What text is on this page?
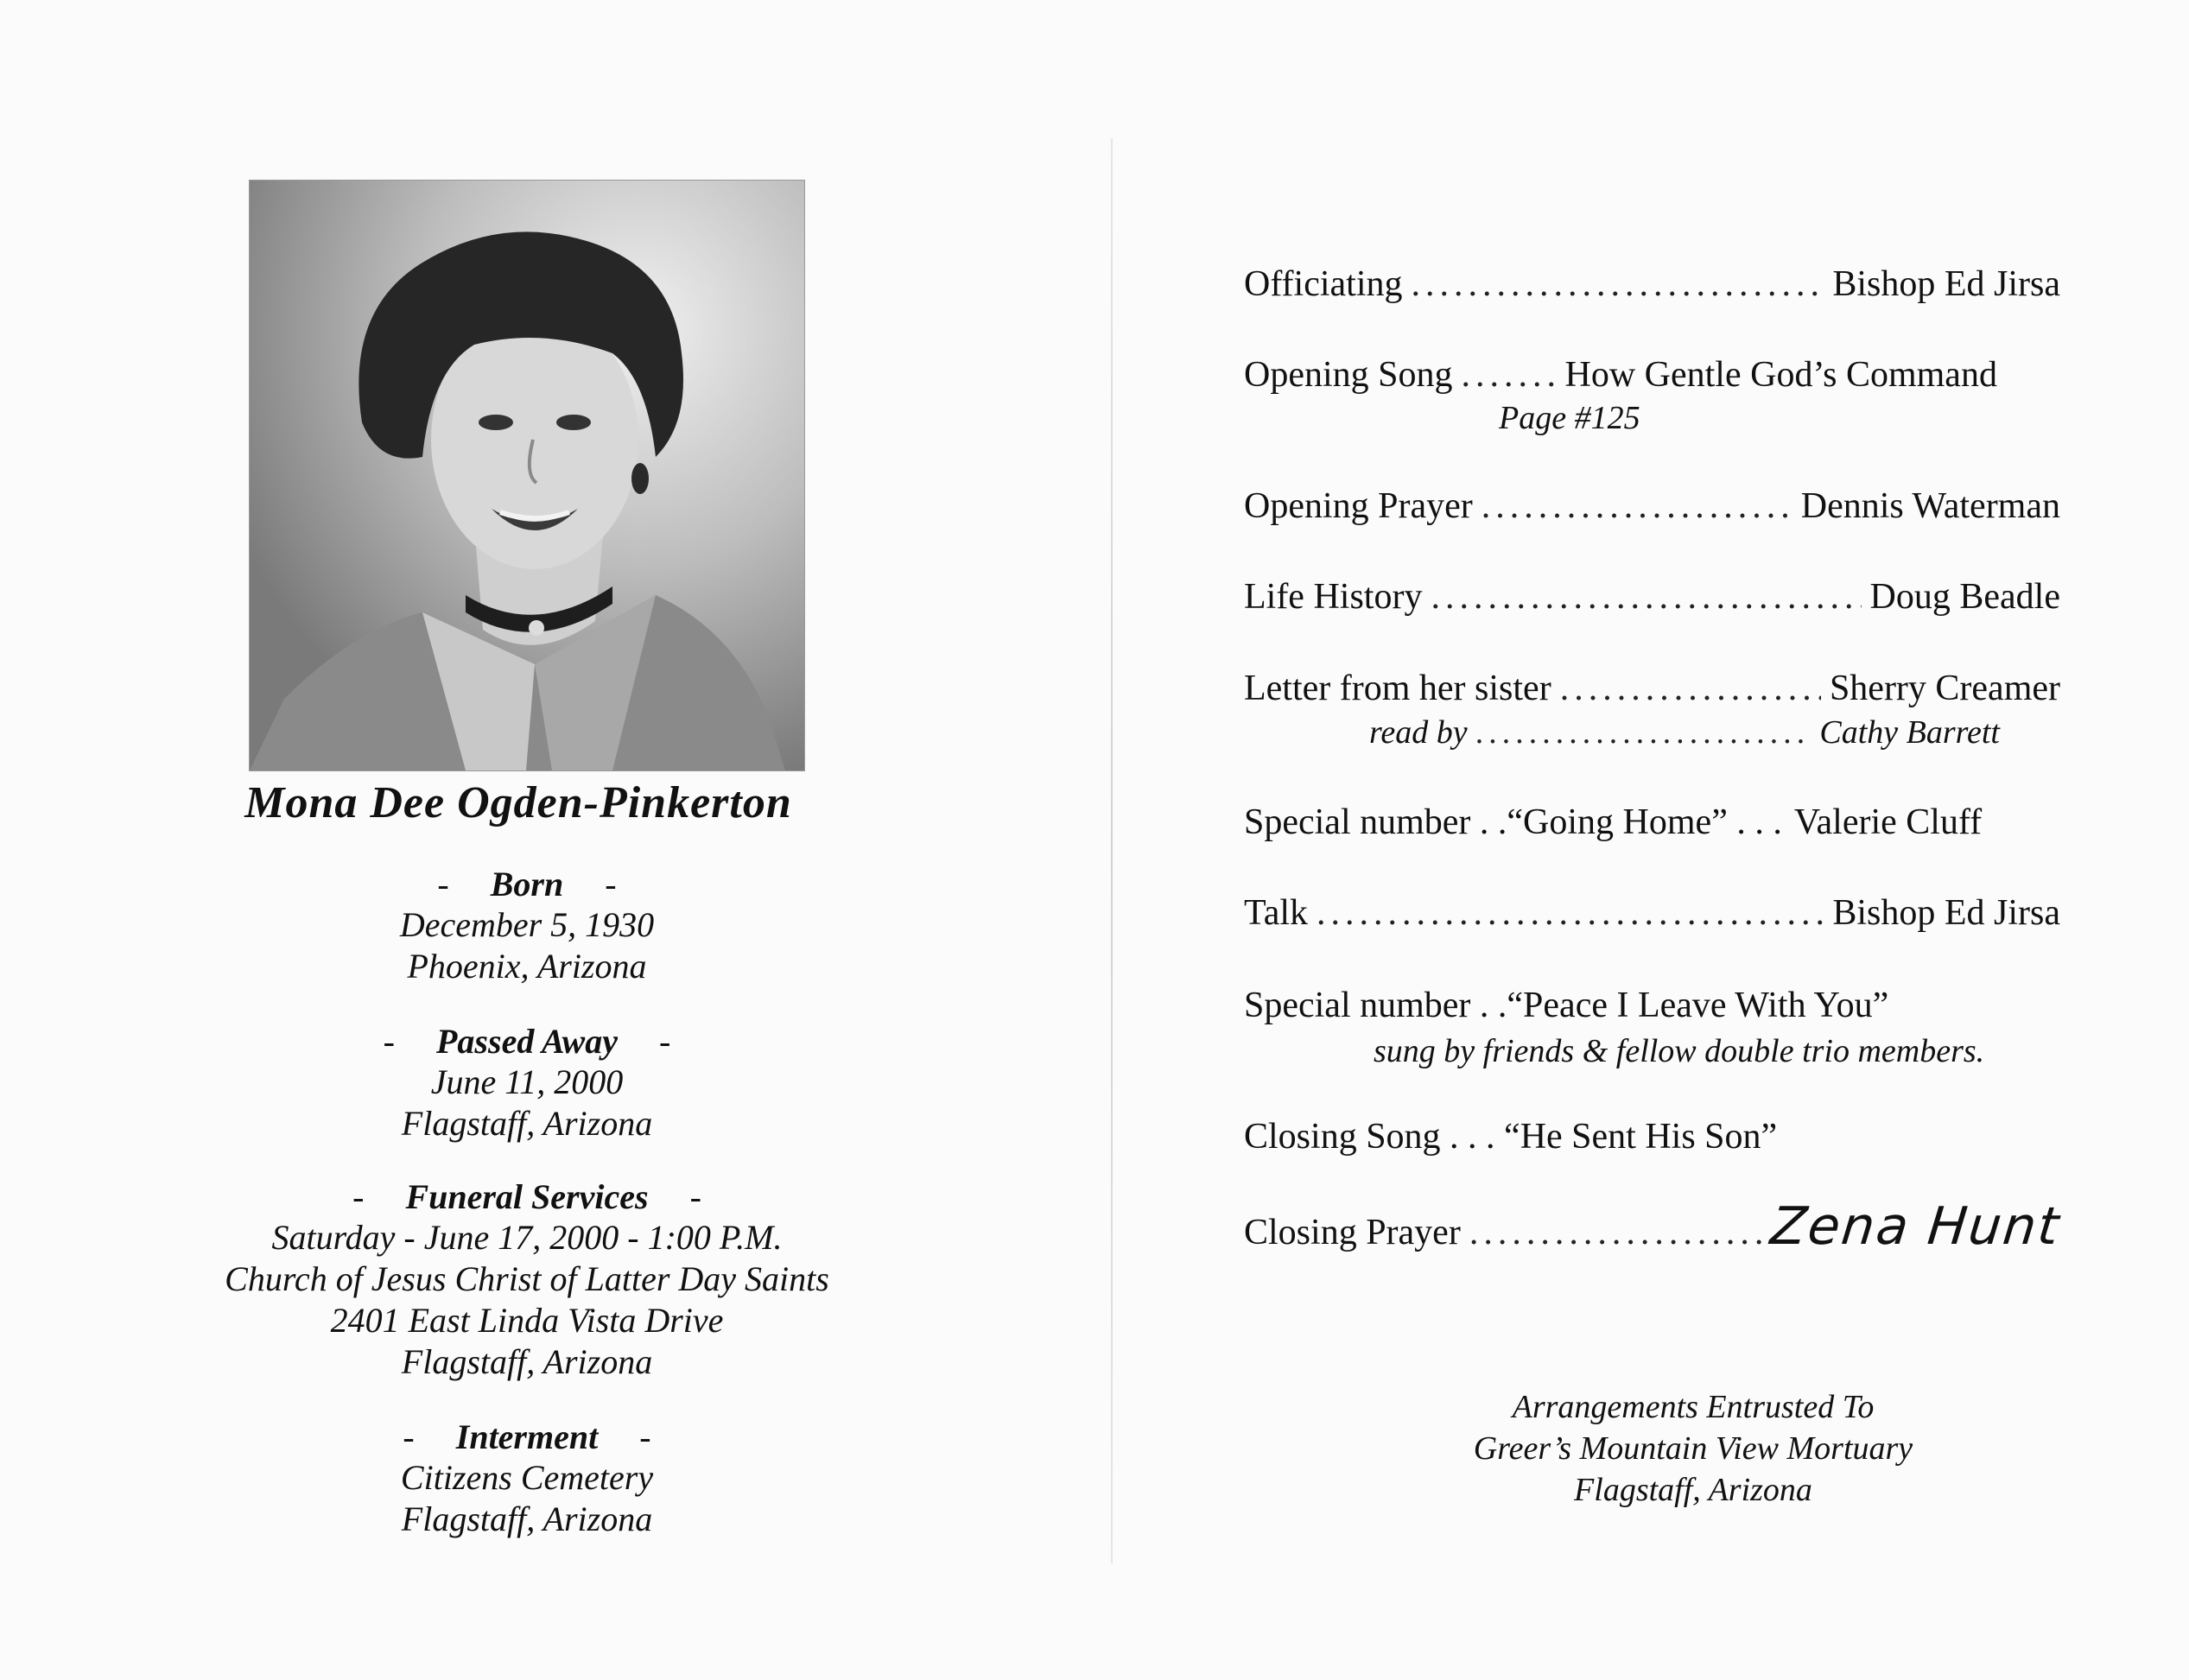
Mona Dee Ogden-Pinkerton
- Born -
December 5, 1930
Phoenix, Arizona
- Passed Away -
June 11, 2000
Flagstaff, Arizona
- Funeral Services -
Saturday - June 17, 2000 - 1:00 P.M.
Church of Jesus Christ of Latter Day Saints
2401 East Linda Vista Drive
Flagstaff, Arizona
- Interment -
Citizens Cemetery
Flagstaff, Arizona
Officiating .....	Bishop Ed Jirsa
Opening Song .....	How Gentle God’s Command
Page #125
Opening Prayer .....	Dennis Waterman
Life History .....	Doug Beadle
Letter from her sister .....	Sherry Creamer
read by .....	Cathy Barrett
Special number . .“Going Home” . . . Valerie Cluff
Talk .....	Bishop Ed Jirsa
Special number . .“Peace I Leave With You”
sung by friends & fellow double trio members.
Closing Song . . . “He Sent His Son”
Closing Prayer .....	Zena Hunt
Arrangements Entrusted To
Greer’s Mountain View Mortuary
Flagstaff, Arizona
